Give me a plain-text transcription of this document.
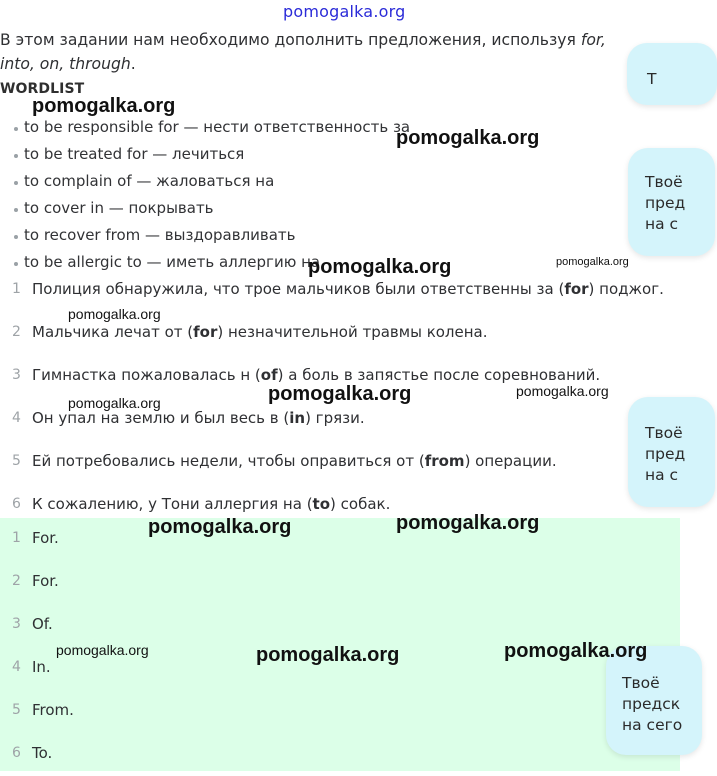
pomogalka.org
В этом задании нам необходимо дополнить предложения, используя for, into, on, through.
WORDLIST
to be responsible for — нести ответственность за
to be treated for — лечиться
to complain of — жаловаться на
to cover in — покрывать
to recover from — выздоравливать
to be allergic to — иметь аллергию на
1 Полиция обнаружила, что трое мальчиков были ответственны за (for) поджог.
2 Мальчика лечат от (for) незначительной травмы колена.
3 Гимнастка пожаловалась н (of) а боль в запястье после соревнований.
4 Он упал на землю и был весь в (in) грязи.
5 Ей потребовались недели, чтобы оправиться от (from) операции.
6 К сожалению, у Тони аллергия на (to) собак.
1 For.
2 For.
3 Of.
4 In.
5 From.
6 To.
Т
Твоё
пред
на с
Твоё
пред
на с
Твоё
предск
на сего
pomogalka.org
pomogalka.org
pomogalka.org	pomogalka.org
pomogalka.org
pomogalka.org
pomogalka.org
pomogalka.org
pomogalka.org	pomogalka.org
pomogalka.org	pomogalka.org	pomogalka.org
